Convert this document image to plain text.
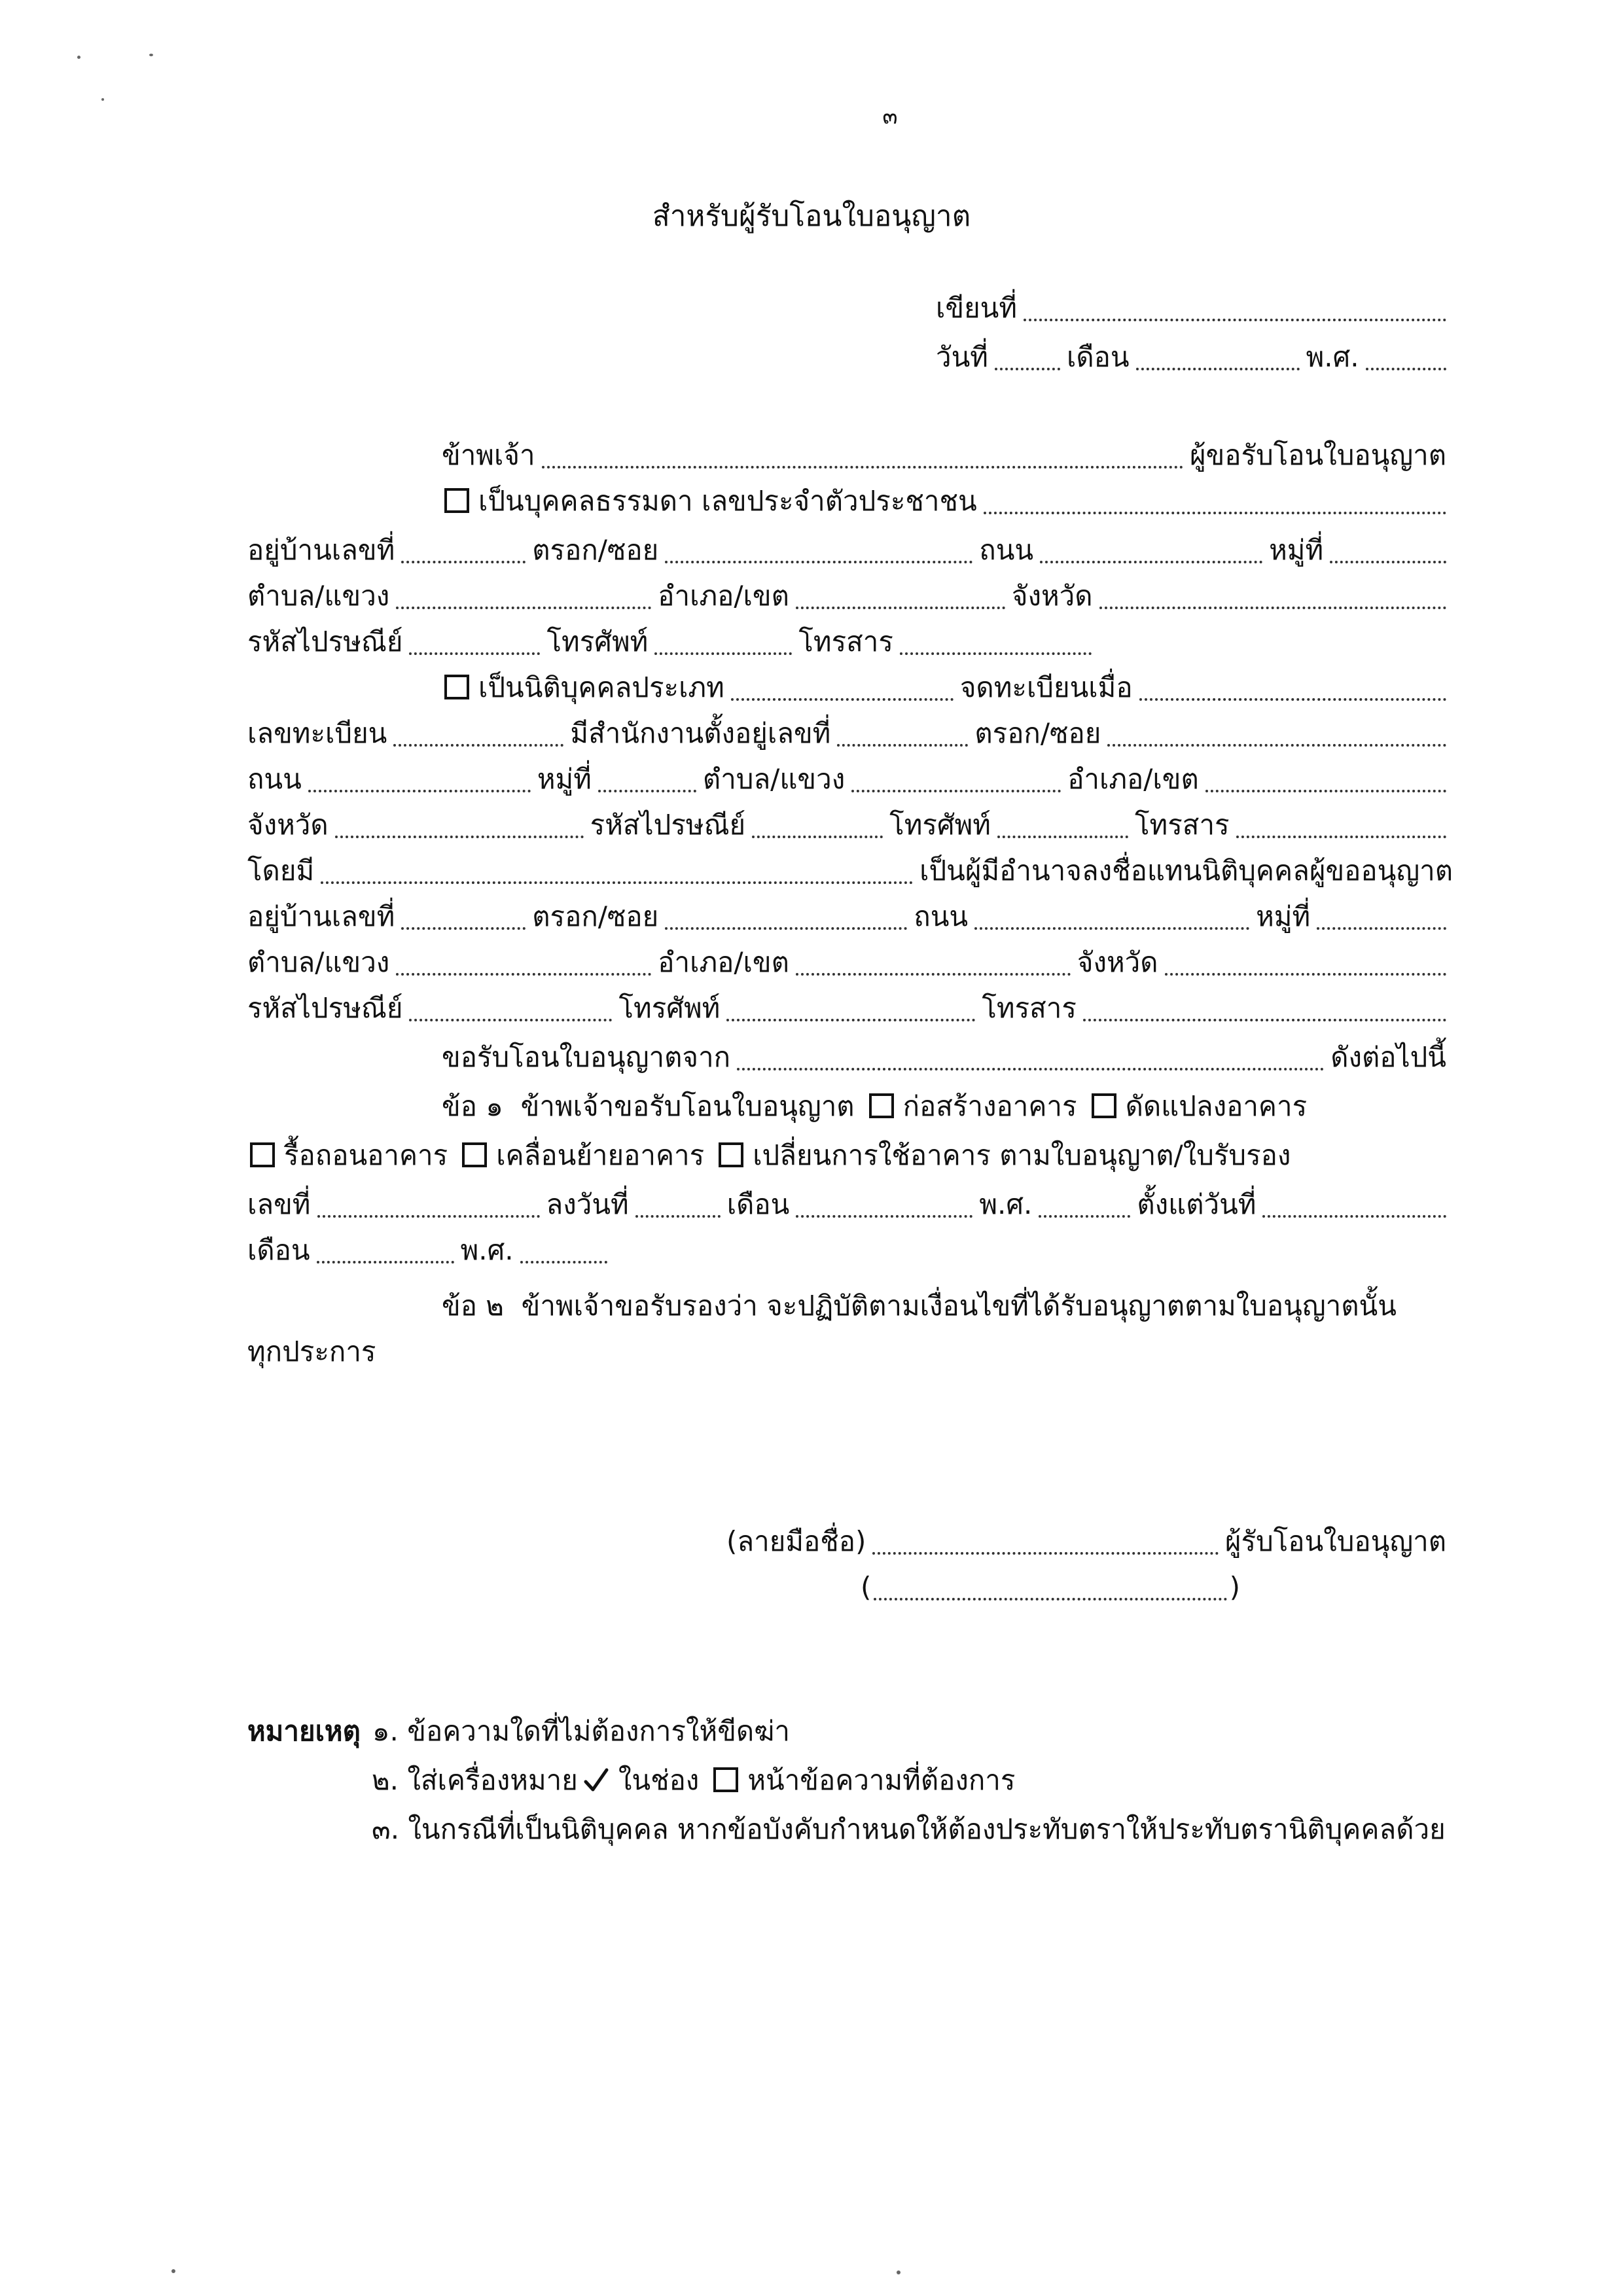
๓
สำหรับผู้รับโอนใบอนุญาต
เขียนที่
วันที่	เดือน	พ.ศ.
ข้าพเจ้า	ผู้ขอรับโอนใบอนุญาต
เป็นบุคคลธรรมดา เลขประจำตัวประชาชน
อยู่บ้านเลขที่	ตรอก/ซอย	ถนน	หมู่ที่
ตำบล/แขวง	อำเภอ/เขต	จังหวัด
รหัสไปรษณีย์	โทรศัพท์	โทรสาร
เป็นนิติบุคคลประเภท	จดทะเบียนเมื่อ
เลขทะเบียน	มีสำนักงานตั้งอยู่เลขที่	ตรอก/ซอย
ถนน	หมู่ที่	ตำบล/แขวง	อำเภอ/เขต
จังหวัด	รหัสไปรษณีย์	โทรศัพท์	โทรสาร
โดยมี	เป็นผู้มีอำนาจลงชื่อแทนนิติบุคคลผู้ขออนุญาต
อยู่บ้านเลขที่	ตรอก/ซอย	ถนน	หมู่ที่
ตำบล/แขวง	อำเภอ/เขต	จังหวัด
รหัสไปรษณีย์	โทรศัพท์	โทรสาร
ขอรับโอนใบอนุญาตจาก	ดังต่อไปนี้
ข้อ ๑  ข้าพเจ้าขอรับโอนใบอนุญาต ก่อสร้างอาคาร ดัดแปลงอาคาร
รื้อถอนอาคาร เคลื่อนย้ายอาคาร เปลี่ยนการใช้อาคาร ตามใบอนุญาต/ใบรับรอง
เลขที่	ลงวันที่	เดือน	พ.ศ.	ตั้งแต่วันที่
เดือน	พ.ศ.
ข้อ ๒  ข้าพเจ้าขอรับรองว่า จะปฏิบัติตามเงื่อนไขที่ได้รับอนุญาตตามใบอนุญาตนั้น
ทุกประการ
(ลายมือชื่อ)	ผู้รับโอนใบอนุญาต
(	)
หมายเหตุ ๑. ข้อความใดที่ไม่ต้องการให้ขีดฆ่า
๒. ใส่เครื่องหมาย ในช่อง หน้าข้อความที่ต้องการ
๓. ในกรณีที่เป็นนิติบุคคล หากข้อบังคับกำหนดให้ต้องประทับตราให้ประทับตรานิติบุคคลด้วย
